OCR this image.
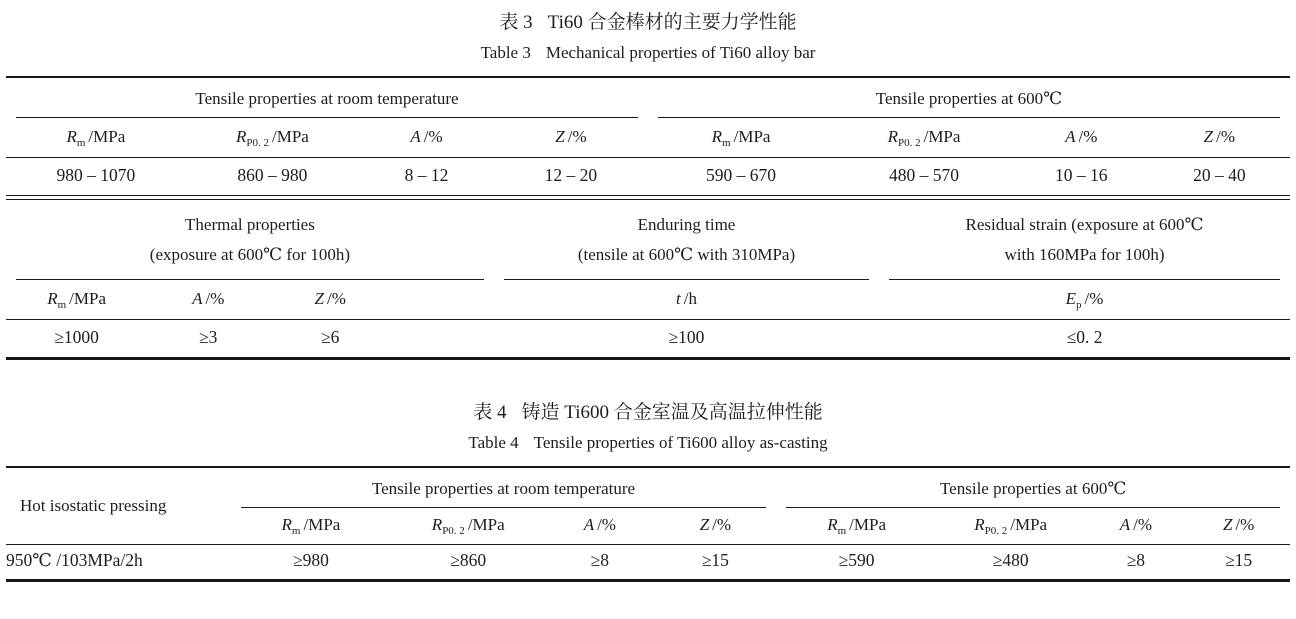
表 3 Ti60 合金棒材的主要力学性能
Table 3 Mechanical properties of Ti60 alloy bar
Tensile properties at room temperature				Tensile properties at 600℃			

$R_m$ /MPa	$R_{P0. 2}$ /MPa	A /%	Z /%	$R_m$ /MPa	$R_{P0. 2}$ /MPa	A /%	Z /%
980 – 1070	860 – 980	8 – 12	12 – 20	590 – 670	480 – 570	10 – 16	20 – 40
Thermal properties
(exposure at 600℃ for 100h)

Enduring time
(tensile at 600℃ with 310MPa)

Residual strain (exposure at 600℃
with 160MPa for 100h)

$R_m$ /MPa	A /%	Z /%		t /h	$E_p$ /%
≥1000	≥3	≥6		≥100	≤0. 2
表 4 铸造 Ti600 合金室温及高温拉伸性能
Table 4 Tensile properties of Ti600 alloy as-casting
Hot isostatic pressing	Tensile properties at room temperature				Tensile properties at 600℃			

	$R_m$ /MPa	$R_{P0. 2}$ /MPa	A /%	Z /%	$R_m$ /MPa	$R_{P0. 2}$ /MPa	A /%	Z /%
950℃ /103MPa/2h	≥980	≥860	≥8	≥15	≥590	≥480	≥8	≥15
